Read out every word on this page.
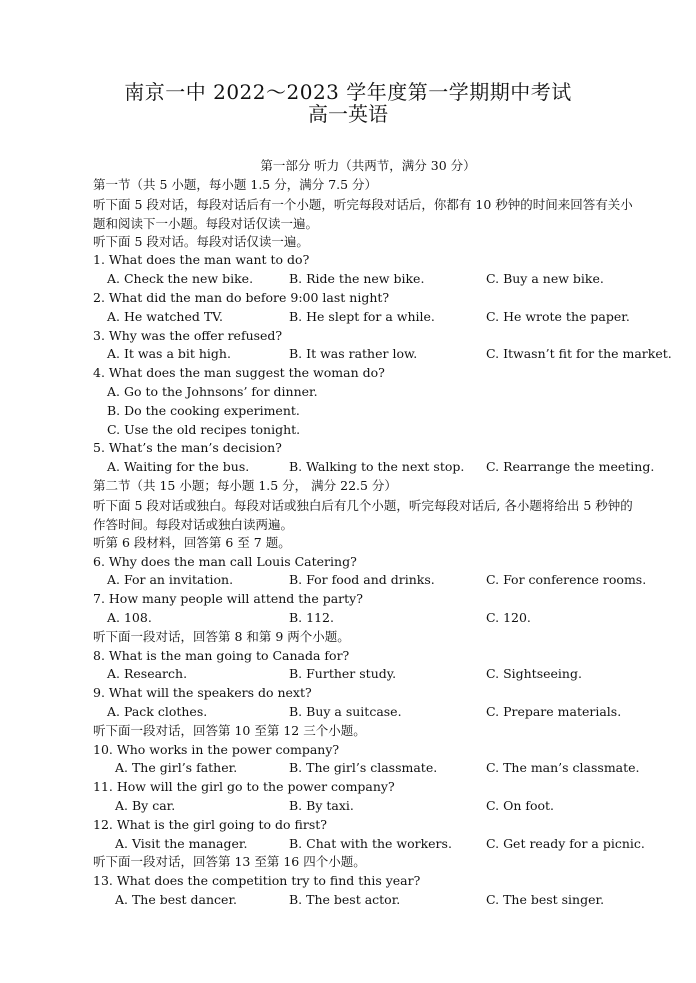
南京一中 2022～2023 学年度第一学期期中考试
高一英语
第一部分 听力（共两节，满分 30 分）
第一节（共 5 小题，每小题 1.5 分，满分 7.5 分）
听下面 5 段对话，每段对话后有一个小题，听完每段对话后，你都有 10 秒钟的时间来回答有关小题和阅读下一小题。每段对话仅读一遍。
听下面 5 段对话。每段对话仅读一遍。
1. What does the man want to do?
A. Check the new bike.	B. Ride the new bike.	C. Buy a new bike.
2. What did the man do before 9:00 last night?
A. He watched TV.	B. He slept for a while.	C. He wrote the paper.
3. Why was the offer refused?
A. It was a bit high.	B. It was rather low.	C. Itwasn’t fit for the market.
4. What does the man suggest the woman do?
A. Go to the Johnsons’ for dinner.
B. Do the cooking experiment.
C. Use the old recipes tonight.
5. What’s the man’s decision?
A. Waiting for the bus.	B. Walking to the next stop. C. Rearrange the meeting.
第二节（共 15 小题；每小题 1.5 分， 满分 22.5 分）
听下面 5 段对话或独白。每段对话或独白后有几个小题，听完每段对话后, 各小题将给出 5 秒钟的作答时间。每段对话或独白读两遍。
听第 6 段材料，回答第 6 至 7 题。
6. Why does the man call Louis Catering?
A. For an invitation.	B. For food and drinks.	C. For conference rooms.
7. How many people will attend the party?
A. 108.	B. 112.	C. 120.
听下面一段对话，回答第 8 和第 9 两个小题。
8. What is the man going to Canada for?
A. Research.	B. Further study.	C. Sightseeing.
9. What will the speakers do next?
A. Pack clothes.	B. Buy a suitcase.	C. Prepare materials.
听下面一段对话，回答第 10 至第 12 三个小题。
10. Who works in the power company?
A. The girl’s father.	B. The girl’s classmate.	C. The man’s classmate.
11. How will the girl go to the power company?
A. By car.	B. By taxi.	C. On foot.
12. What is the girl going to do first?
A. Visit the manager.	B. Chat with the workers.	C. Get ready for a picnic.
听下面一段对话，回答第 13 至第 16 四个小题。
13. What does the competition try to find this year?
A. The best dancer.	B. The best actor.	C. The best singer.
